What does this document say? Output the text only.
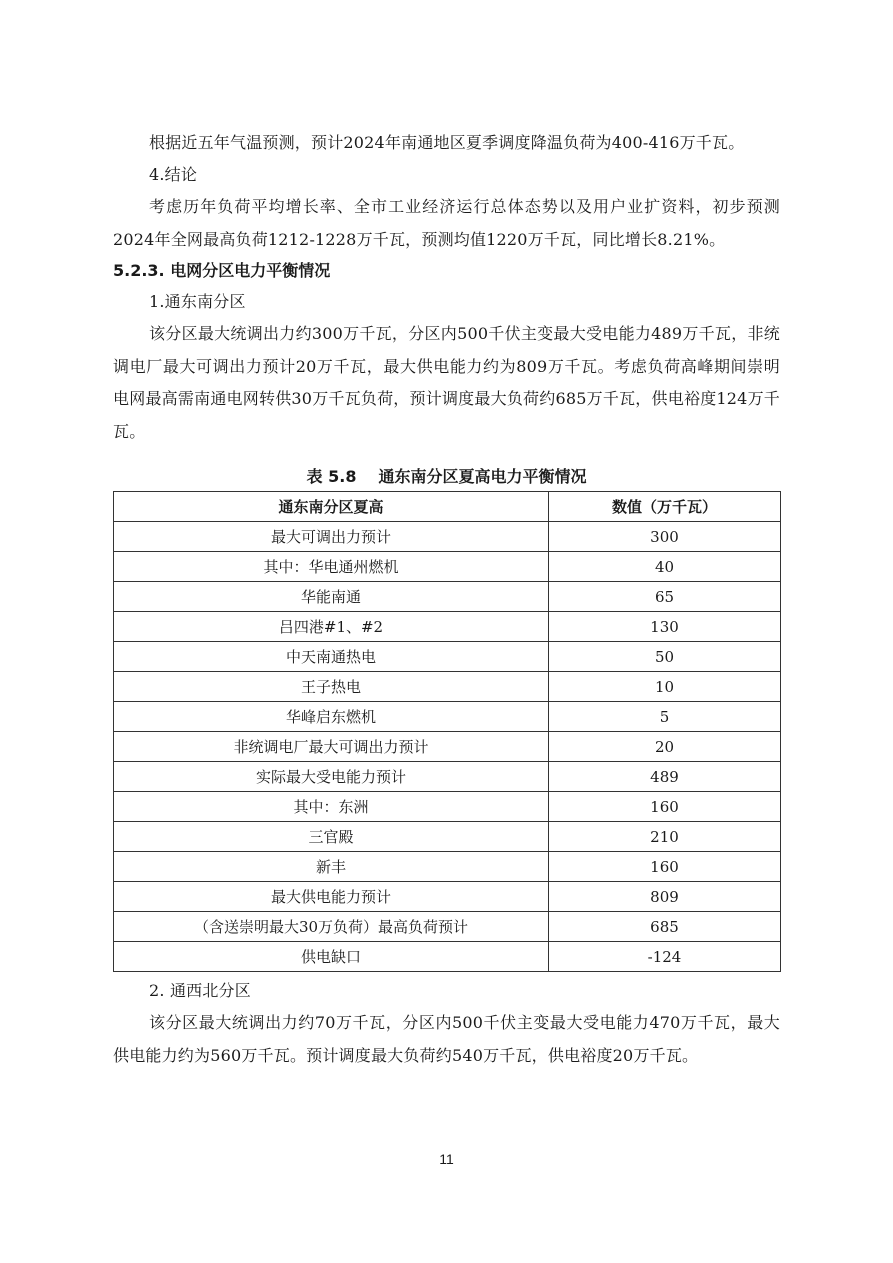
根据近五年气温预测，预计2024年南通地区夏季调度降温负荷为400-416万千瓦。

4.结论

考虑历年负荷平均增长率、全市工业经济运行总体态势以及用户业扩资料，初步预测2024年全网最高负荷1212-1228万千瓦，预测均值1220万千瓦，同比增长8.21%。

5.2.3. 电网分区电力平衡情况

1.通东南分区

该分区最大统调出力约300万千瓦，分区内500千伏主变最大受电能力489万千瓦，非统调电厂最大可调出力预计20万千瓦，最大供电能力约为809万千瓦。考虑负荷高峰期间崇明电网最高需南通电网转供30万千瓦负荷，预计调度最大负荷约685万千瓦，供电裕度124万千瓦。

表 5.8 通东南分区夏高电力平衡情况
通东南分区夏高	数值（万千瓦）
最大可调出力预计	300
其中：华电通州燃机	40
华能南通	65
吕四港#1、#2	130
中天南通热电	50
王子热电	10
华峰启东燃机	5
非统调电厂最大可调出力预计	20
实际最大受电能力预计	489
其中：东洲	160
三官殿	210
新丰	160
最大供电能力预计	809
（含送崇明最大30万负荷）最高负荷预计	685
供电缺口	-124

2. 通西北分区

该分区最大统调出力约70万千瓦，分区内500千伏主变最大受电能力470万千瓦，最大供电能力约为560万千瓦。预计调度最大负荷约540万千瓦，供电裕度20万千瓦。

11
